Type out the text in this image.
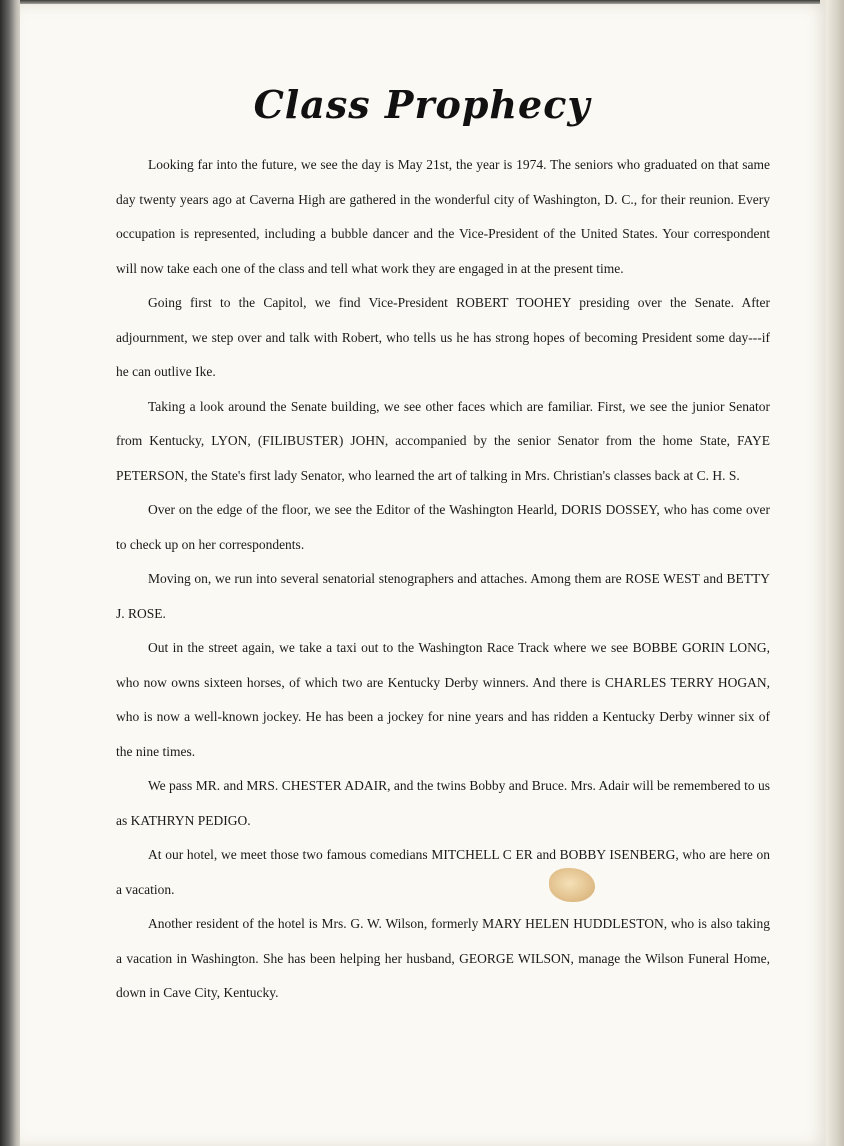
Class Prophecy

Looking far into the future, we see the day is May 21st, the year is 1974. The seniors who graduated on that same day twenty years ago at Caverna High are gathered in the wonderful city of Washington, D. C., for their reunion. Every occupation is represented, including a bubble dancer and the Vice-President of the United States. Your correspondent will now take each one of the class and tell what work they are engaged in at the present time.

Going first to the Capitol, we find Vice-President ROBERT TOOHEY presiding over the Senate. After adjournment, we step over and talk with Robert, who tells us he has strong hopes of becoming President some day---if he can outlive Ike.

Taking a look around the Senate building, we see other faces which are familiar. First, we see the junior Senator from Kentucky, LYON, (FILIBUSTER) JOHN, accompanied by the senior Senator from the home State, FAYE PETERSON, the State's first lady Senator, who learned the art of talking in Mrs. Christian's classes back at C. H. S.

Over on the edge of the floor, we see the Editor of the Washington Hearld, DORIS DOSSEY, who has come over to check up on her correspondents.

Moving on, we run into several senatorial stenographers and attaches. Among them are ROSE WEST and BETTY J. ROSE.

Out in the street again, we take a taxi out to the Washington Race Track where we see BOBBE GORIN LONG, who now owns sixteen horses, of which two are Kentucky Derby winners. And there is CHARLES TERRY HOGAN, who is now a well-known jockey. He has been a jockey for nine years and has ridden a Kentucky Derby winner six of the nine times.

We pass MR. and MRS. CHESTER ADAIR, and the twins Bobby and Bruce. Mrs. Adair will be remembered to us as KATHRYN PEDIGO.

At our hotel, we meet those two famous comedians MITCHELL C ER and BOBBY ISENBERG, who are here on a vacation.

Another resident of the hotel is Mrs. G. W. Wilson, formerly MARY HELEN HUDDLESTON, who is also taking a vacation in Washington. She has been helping her husband, GEORGE WILSON, manage the Wilson Funeral Home, down in Cave City, Kentucky.
